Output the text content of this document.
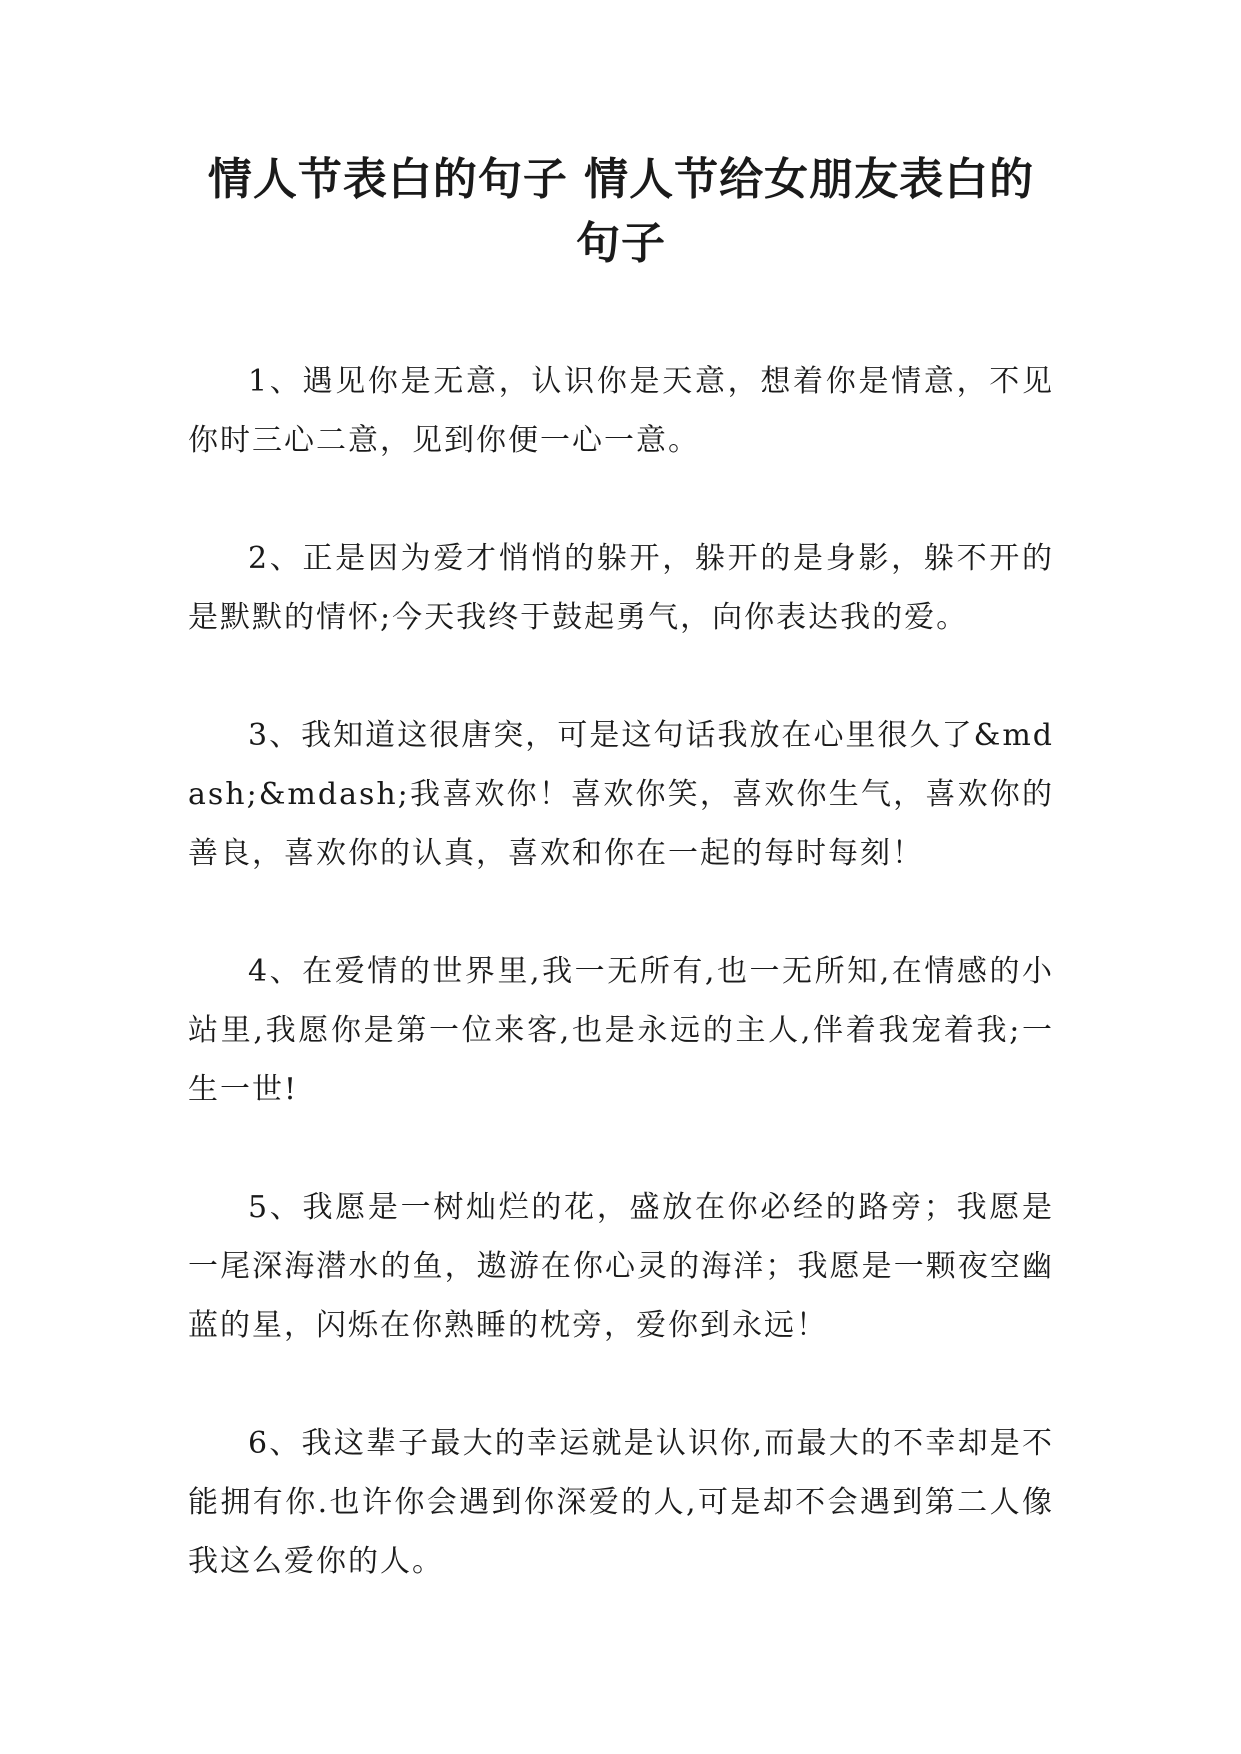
情人节表白的句子 情人节给女朋友表白的句子

1、遇见你是无意，认识你是天意，想着你是情意，不见你时三心二意，见到你便一心一意。

2、正是因为爱才悄悄的躲开，躲开的是身影，躲不开的是默默的情怀;今天我终于鼓起勇气，向你表达我的爱。

3、我知道这很唐突，可是这句话我放在心里很久了&mdash;&mdash;我喜欢你！喜欢你笑，喜欢你生气，喜欢你的善良，喜欢你的认真，喜欢和你在一起的每时每刻！

4、在爱情的世界里,我一无所有,也一无所知,在情感的小站里,我愿你是第一位来客,也是永远的主人,伴着我宠着我;一生一世!

5、我愿是一树灿烂的花，盛放在你必经的路旁；我愿是一尾深海潜水的鱼，遨游在你心灵的海洋；我愿是一颗夜空幽蓝的星，闪烁在你熟睡的枕旁，爱你到永远！

6、我这辈子最大的幸运就是认识你,而最大的不幸却是不能拥有你.也许你会遇到你深爱的人,可是却不会遇到第二人像我这么爱你的人。
